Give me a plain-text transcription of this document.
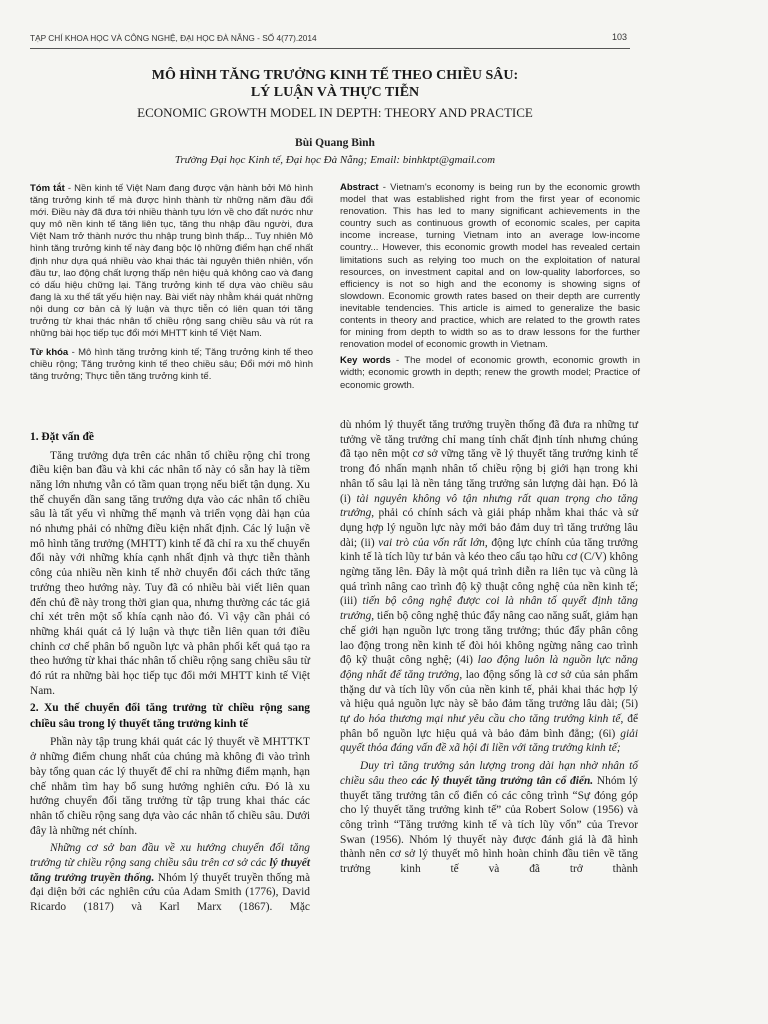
TẠP CHÍ KHOA HỌC VÀ CÔNG NGHỆ, ĐẠI HỌC ĐÀ NẴNG - SỐ 4(77).2014	103
MÔ HÌNH TĂNG TRƯỞNG KINH TẾ THEO CHIỀU SÂU:
LÝ LUẬN VÀ THỰC TIỄN
ECONOMIC GROWTH MODEL IN DEPTH: THEORY AND PRACTICE
Bùi Quang Bình
Trường Đại học Kinh tế, Đại học Đà Nẵng; Email: binhktpt@gmail.com

Tóm tắt - Nền kinh tế Việt Nam đang được vận hành bởi Mô hình tăng trưởng kinh tế mà được hình thành từ những năm đầu đổi mới. Điều này đã đưa tới nhiều thành tựu lớn về cho đất nước như quy mô nền kinh tế tăng liên tục, tăng thu nhập đầu người, đưa Việt Nam trở thành nước thu nhập trung bình thấp... Tuy nhiên Mô hình tăng trưởng kinh tế này đang bộc lộ những điểm hạn chế nhất định như dựa quá nhiều vào khai thác tài nguyên thiên nhiên, vốn đầu tư, lao động chất lượng thấp nên hiệu quả không cao và đang có dấu hiệu chững lại. Tăng trưởng kinh tế dựa vào chiều sâu đang là xu thế tất yếu hiện nay. Bài viết này nhằm khái quát những nội dung cơ bản cả lý luận và thực tiễn có liên quan tới tăng trưởng từ khai thác nhân tố chiều rộng sang chiều sâu và rút ra những bài học tiếp tục đổi mới MHTT kinh tế Việt Nam.

Từ khóa - Mô hình tăng trưởng kinh tế; Tăng trưởng kinh tế theo chiều rộng; Tăng trưởng kinh tế theo chiều sâu; Đổi mới mô hình tăng trưởng; Thực tiễn tăng trưởng kinh tế.

Abstract - Vietnam's economy is being run by the economic growth model that was established right from the first year of economic renovation. This has led to many significant achievements in the country such as continuous growth of economic scales, per capita income increase, turning Vietnam into an average low-income country... However, this economic growth model has revealed certain limitations such as relying too much on the exploitation of natural resources, on investment capital and on low-quality laborforces, so efficiency is not so high and the economy is showing signs of slowdown. Economic growth rates based on their depth are currently inevitable tendencies. This article is aimed to generalize the basic contents in theory and practice, which are related to the growth rates for mining from depth to width so as to draw lessons for the further renovation model of economic growth in Vietnam.

Key words - The model of economic growth, economic growth in width; economic growth in depth; renew the growth model; Practice of economic growth.

1. Đặt vấn đề

Tăng trưởng dựa trên các nhân tố chiều rộng chỉ trong điều kiện ban đầu và khi các nhân tố này có sẵn hay là tiềm năng lớn nhưng vẫn có tầm quan trọng nếu biết tận dụng. Xu thế chuyển dần sang tăng trưởng dựa vào các nhân tố chiều sâu là tất yếu vì những thế mạnh và triển vọng dài hạn của nó nhưng phải có những điều kiện nhất định. Các lý luận về mô hình tăng trưởng (MHTT) kinh tế đã chỉ ra xu thế chuyển đổi này với những khía cạnh nhất định và thực tiễn thành công của nhiều nền kinh tế nhờ chuyển đổi cách thức tăng trưởng theo hướng này. Tuy đã có nhiều bài viết liên quan đến chủ đề này trong thời gian qua, nhưng thường các tác giả chỉ xét trên một số khía cạnh nào đó. Vì vậy cần phải có những khái quát cả lý luận và thực tiễn liên quan tới điều chỉnh cơ chế phân bổ nguồn lực và phân phối kết quả tạo ra theo hướng từ khai thác nhân tố chiều rộng sang chiều sâu từ đó rút ra những bài học tiếp tục đổi mới MHTT kinh tế Việt Nam.

2. Xu thế chuyển đổi tăng trưởng từ chiều rộng sang chiều sâu trong lý thuyết tăng trưởng kinh tế

Phần này tập trung khái quát các lý thuyết về MHTTKT ở những điểm chung nhất của chúng mà không đi vào trình bày tổng quan các lý thuyết để chỉ ra những điểm mạnh, hạn chế nhằm tìm hay bổ sung hướng nghiên cứu. Đó là xu hướng chuyển đổi tăng trưởng từ tập trung khai thác các nhân tố chiều rộng sang dựa vào các nhân tố chiều sâu. Dưới đây là những nét chính.

Những cơ sở ban đầu về xu hướng chuyển đổi tăng trưởng từ chiều rộng sang chiều sâu trên cơ sở các lý thuyết tăng trưởng truyền thống. Nhóm lý thuyết truyền thống mà đại diện bởi các nghiên cứu của Adam Smith (1776), David Ricardo (1817) và Karl Marx (1867). Mặc

dù nhóm lý thuyết tăng trưởng truyền thống đã đưa ra những tư tưởng về tăng trưởng chỉ mang tính chất định tính nhưng chúng đã tạo nên một cơ sở vững tăng về lý thuyết tăng trưởng kinh tế trong đó nhấn mạnh nhân tố chiều rộng bị giới hạn trong khi nhân tố sâu lại là nền tảng tăng trưởng sản lượng dài hạn. Đó là (i) tài nguyên không vô tận nhưng rất quan trọng cho tăng trưởng, phải có chính sách và giải pháp nhằm khai thác và sử dụng hợp lý nguồn lực này mới bảo đảm duy trì tăng trưởng lâu dài; (ii) vai trò của vốn rất lớn, động lực chính của tăng trưởng kinh tế là tích lũy tư bản và kéo theo cấu tạo hữu cơ (C/V) không ngừng tăng lên. Đây là một quá trình diễn ra liên tục và cũng là quá trình nâng cao trình độ kỹ thuật công nghệ của nền kinh tế; (iii) tiến bộ công nghệ được coi là nhân tố quyết định tăng trưởng, tiến bộ công nghệ thúc đẩy nâng cao năng suất, giảm hạn chế giới hạn nguồn lực trong tăng trưởng; thúc đẩy phân công lao động trong nền kinh tế đòi hỏi không ngừng nâng cao trình độ kỹ thuật công nghệ; (4i) lao động luôn là nguồn lực năng động nhất để tăng trưởng, lao động sống là cơ sở của sản phẩm thặng dư và tích lũy vốn của nền kinh tế, phải khai thác hợp lý và hiệu quả nguồn lực này sẽ bảo đảm tăng trưởng lâu dài; (5i) tự do hóa thương mại như yêu cầu cho tăng trưởng kinh tế, để phân bổ nguồn lực hiệu quả và bảo đảm bình đẳng; (6i) giải quyết thỏa đáng vấn đề xã hội đi liền với tăng trưởng kinh tế;

Duy trì tăng trưởng sản lượng trong dài hạn nhờ nhân tố chiều sâu theo các lý thuyết tăng trưởng tân cổ điển. Nhóm lý thuyết tăng trưởng tân cổ điển có các công trình “Sự đóng góp cho lý thuyết tăng trưởng kinh tế” của Robert Solow (1956) và công trình “Tăng trưởng kinh tế và tích lũy vốn” của Trevor Swan (1956). Nhóm lý thuyết này được đánh giá là đã hình thành nên cơ sở lý thuyết mô hình hoàn chỉnh đầu tiên về tăng trưởng kinh tế và đã trở thành
